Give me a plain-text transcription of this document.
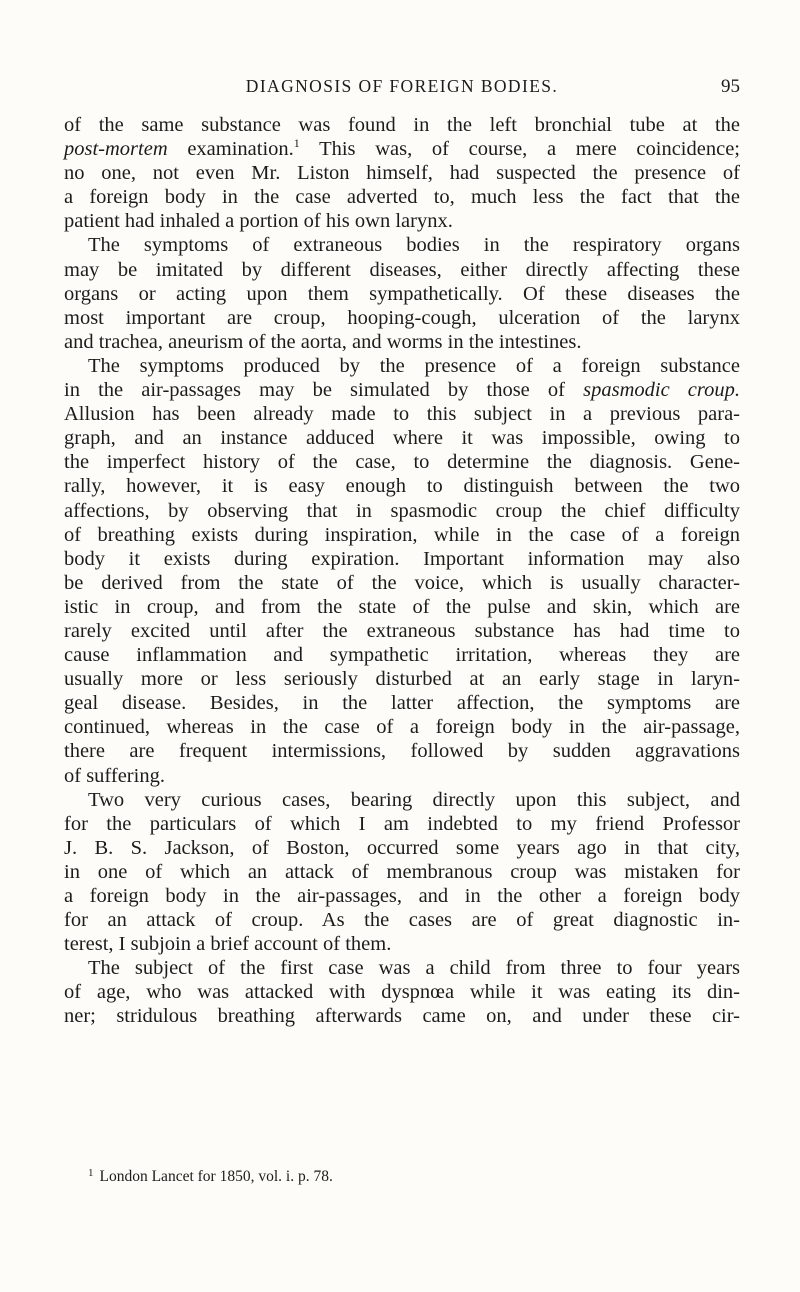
DIAGNOSIS OF FOREIGN BODIES.	95
of the same substance was found in the left bronchial tube at the
post-mortem examination.$^1$ This was, of course, a mere coincidence;
no one, not even Mr. Liston himself, had suspected the presence of
a foreign body in the case adverted to, much less the fact that the
patient had inhaled a portion of his own larynx.
The symptoms of extraneous bodies in the respiratory organs
may be imitated by different diseases, either directly affecting these
organs or acting upon them sympathetically. Of these diseases the
most important are croup, hooping-cough, ulceration of the larynx
and trachea, aneurism of the aorta, and worms in the intestines.
The symptoms produced by the presence of a foreign substance
in the air-passages may be simulated by those of spasmodic croup.
Allusion has been already made to this subject in a previous para-
graph, and an instance adduced where it was impossible, owing to
the imperfect history of the case, to determine the diagnosis. Gene-
rally, however, it is easy enough to distinguish between the two
affections, by observing that in spasmodic croup the chief difficulty
of breathing exists during inspiration, while in the case of a foreign
body it exists during expiration. Important information may also
be derived from the state of the voice, which is usually character-
istic in croup, and from the state of the pulse and skin, which are
rarely excited until after the extraneous substance has had time to
cause inflammation and sympathetic irritation, whereas they are
usually more or less seriously disturbed at an early stage in laryn-
geal disease. Besides, in the latter affection, the symptoms are
continued, whereas in the case of a foreign body in the air-passage,
there are frequent intermissions, followed by sudden aggravations
of suffering.
Two very curious cases, bearing directly upon this subject, and
for the particulars of which I am indebted to my friend Professor
J. B. S. Jackson, of Boston, occurred some years ago in that city,
in one of which an attack of membranous croup was mistaken for
a foreign body in the air-passages, and in the other a foreign body
for an attack of croup. As the cases are of great diagnostic in-
terest, I subjoin a brief account of them.
The subject of the first case was a child from three to four years
of age, who was attacked with dyspnœa while it was eating its din-
ner; stridulous breathing afterwards came on, and under these cir-
$^1$ London Lancet for 1850, vol. i. p. 78.
